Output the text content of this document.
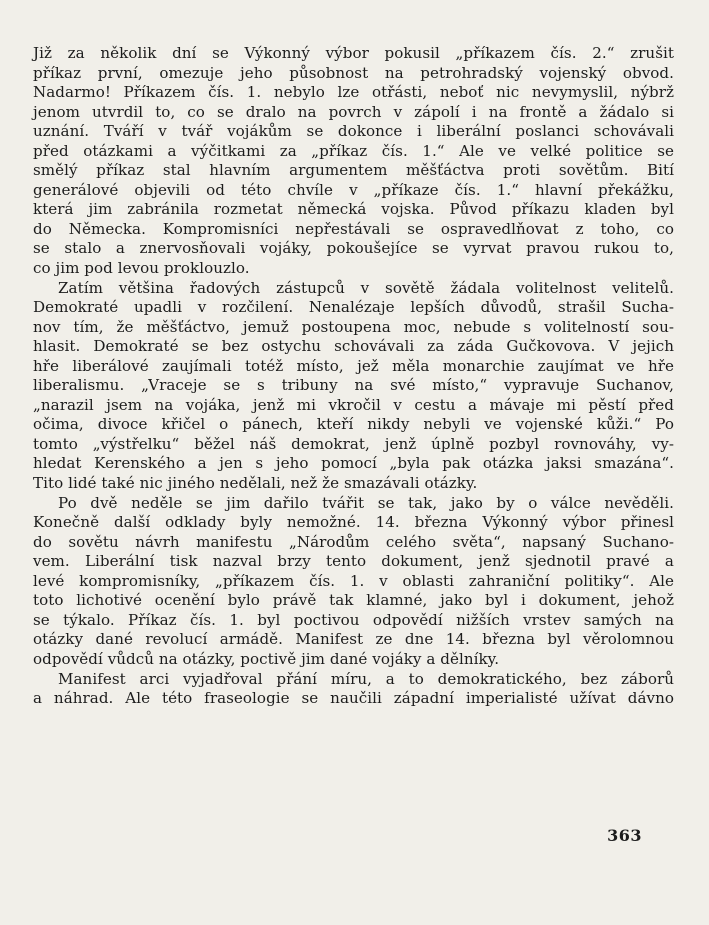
Již za několik dní se Výkonný výbor pokusil „příkazem čís. 2.“ zrušit
příkaz první, omezuje jeho působnost na petrohradský vojenský obvod.
Nadarmo! Příkazem čís. 1. nebylo lze otřásti, neboť nic nevymyslil, nýbrž
jenom utvrdil to, co se dralo na povrch v zápolí i na frontě a žádalo si
uznání. Tváří v tvář vojákům se dokonce i liberální poslanci schovávali
před otázkami a výčitkami za „příkaz čís. 1.“ Ale ve velké politice se
smělý příkaz stal hlavním argumentem měšťáctva proti sovětům. Bití
generálové objevili od této chvíle v „příkaze čís. 1.“ hlavní překážku,
která jim zabránila rozmetat německá vojska. Původ příkazu kladen byl
do Německa. Kompromisníci nepřestávali se ospravedlňovat z toho, co
se stalo a znervosňovali vojáky, pokoušejíce se vyrvat pravou rukou to,
co jim pod levou proklouzlo.
Zatím většina řadových zástupců v sovětě žádala volitelnost velitelů.
Demokraté upadli v rozčilení. Nenalézaje lepších důvodů, strašil Sucha-
nov tím, že měšťáctvo, jemuž postoupena moc, nebude s volitelností sou-
hlasit. Demokraté se bez ostychu schovávali za záda Gučkovova. V jejich
hře liberálové zaujímali totéž místo, jež měla monarchie zaujímat ve hře
liberalismu. „Vraceje se s tribuny na své místo,“ vypravuje Suchanov,
„narazil jsem na vojáka, jenž mi vkročil v cestu a mávaje mi pěstí před
očima, divoce křičel o pánech, kteří nikdy nebyli ve vojenské kůži.“ Po
tomto „výstřelku“ běžel náš demokrat, jenž úplně pozbyl rovnováhy, vy-
hledat Kerenského a jen s jeho pomocí „byla pak otázka jaksi smazána“.
Tito lidé také nic jiného nedělali, než že smazávali otázky.
Po dvě neděle se jim dařilo tvářit se tak, jako by o válce nevěděli.
Konečně další odklady byly nemožné. 14. března Výkonný výbor přinesl
do sovětu návrh manifestu „Národům celého světa“, napsaný Suchano-
vem. Liberální tisk nazval brzy tento dokument, jenž sjednotil pravé a
levé kompromisníky, „příkazem čís. 1. v oblasti zahraniční politiky“. Ale
toto lichotivé ocenění bylo právě tak klamné, jako byl i dokument, jehož
se týkalo. Příkaz čís. 1. byl poctivou odpovědí nižších vrstev samých na
otázky dané revolucí armádě. Manifest ze dne 14. března byl věrolomnou
odpovědí vůdců na otázky, poctivě jim dané vojáky a dělníky.
Manifest arci vyjadřoval přání míru, a to demokratického, bez záborů
a náhrad. Ale této fraseologie se naučili západní imperialisté užívat dávno
363
